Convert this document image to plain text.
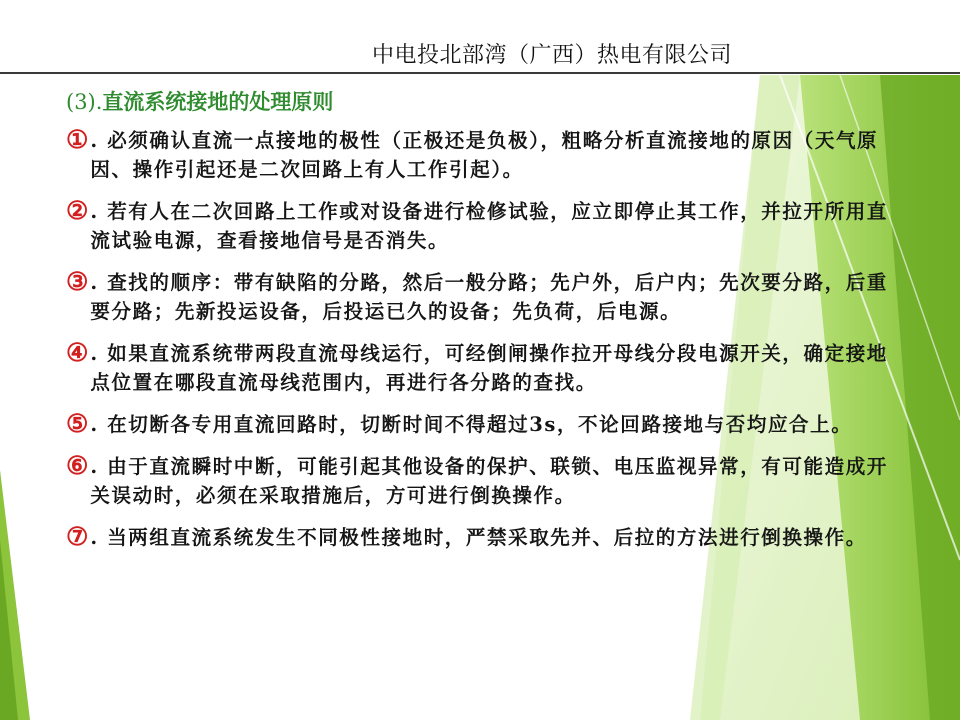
中电投北部湾（广西）热电有限公司
(3).直流系统接地的处理原则
① . 必须确认直流一点接地的极性（正极还是负极），粗略分析直流接地的原因（天气原因、操作引起还是二次回路上有人工作引起）。
② . 若有人在二次回路上工作或对设备进行检修试验，应立即停止其工作，并拉开所用直流试验电源，查看接地信号是否消失。
③ . 查找的顺序：带有缺陷的分路，然后一般分路；先户外，后户内；先次要分路，后重要分路；先新投运设备，后投运已久的设备；先负荷，后电源。
④ . 如果直流系统带两段直流母线运行，可经倒闸操作拉开母线分段电源开关，确定接地点位置在哪段直流母线范围内，再进行各分路的查找。
⑤ . 在切断各专用直流回路时，切断时间不得超过3s，不论回路接地与否均应合上。
⑥ . 由于直流瞬时中断，可能引起其他设备的保护、联锁、电压监视异常，有可能造成开关误动时，必须在采取措施后，方可进行倒换操作。
⑦ . 当两组直流系统发生不同极性接地时，严禁采取先并、后拉的方法进行倒换操作。
